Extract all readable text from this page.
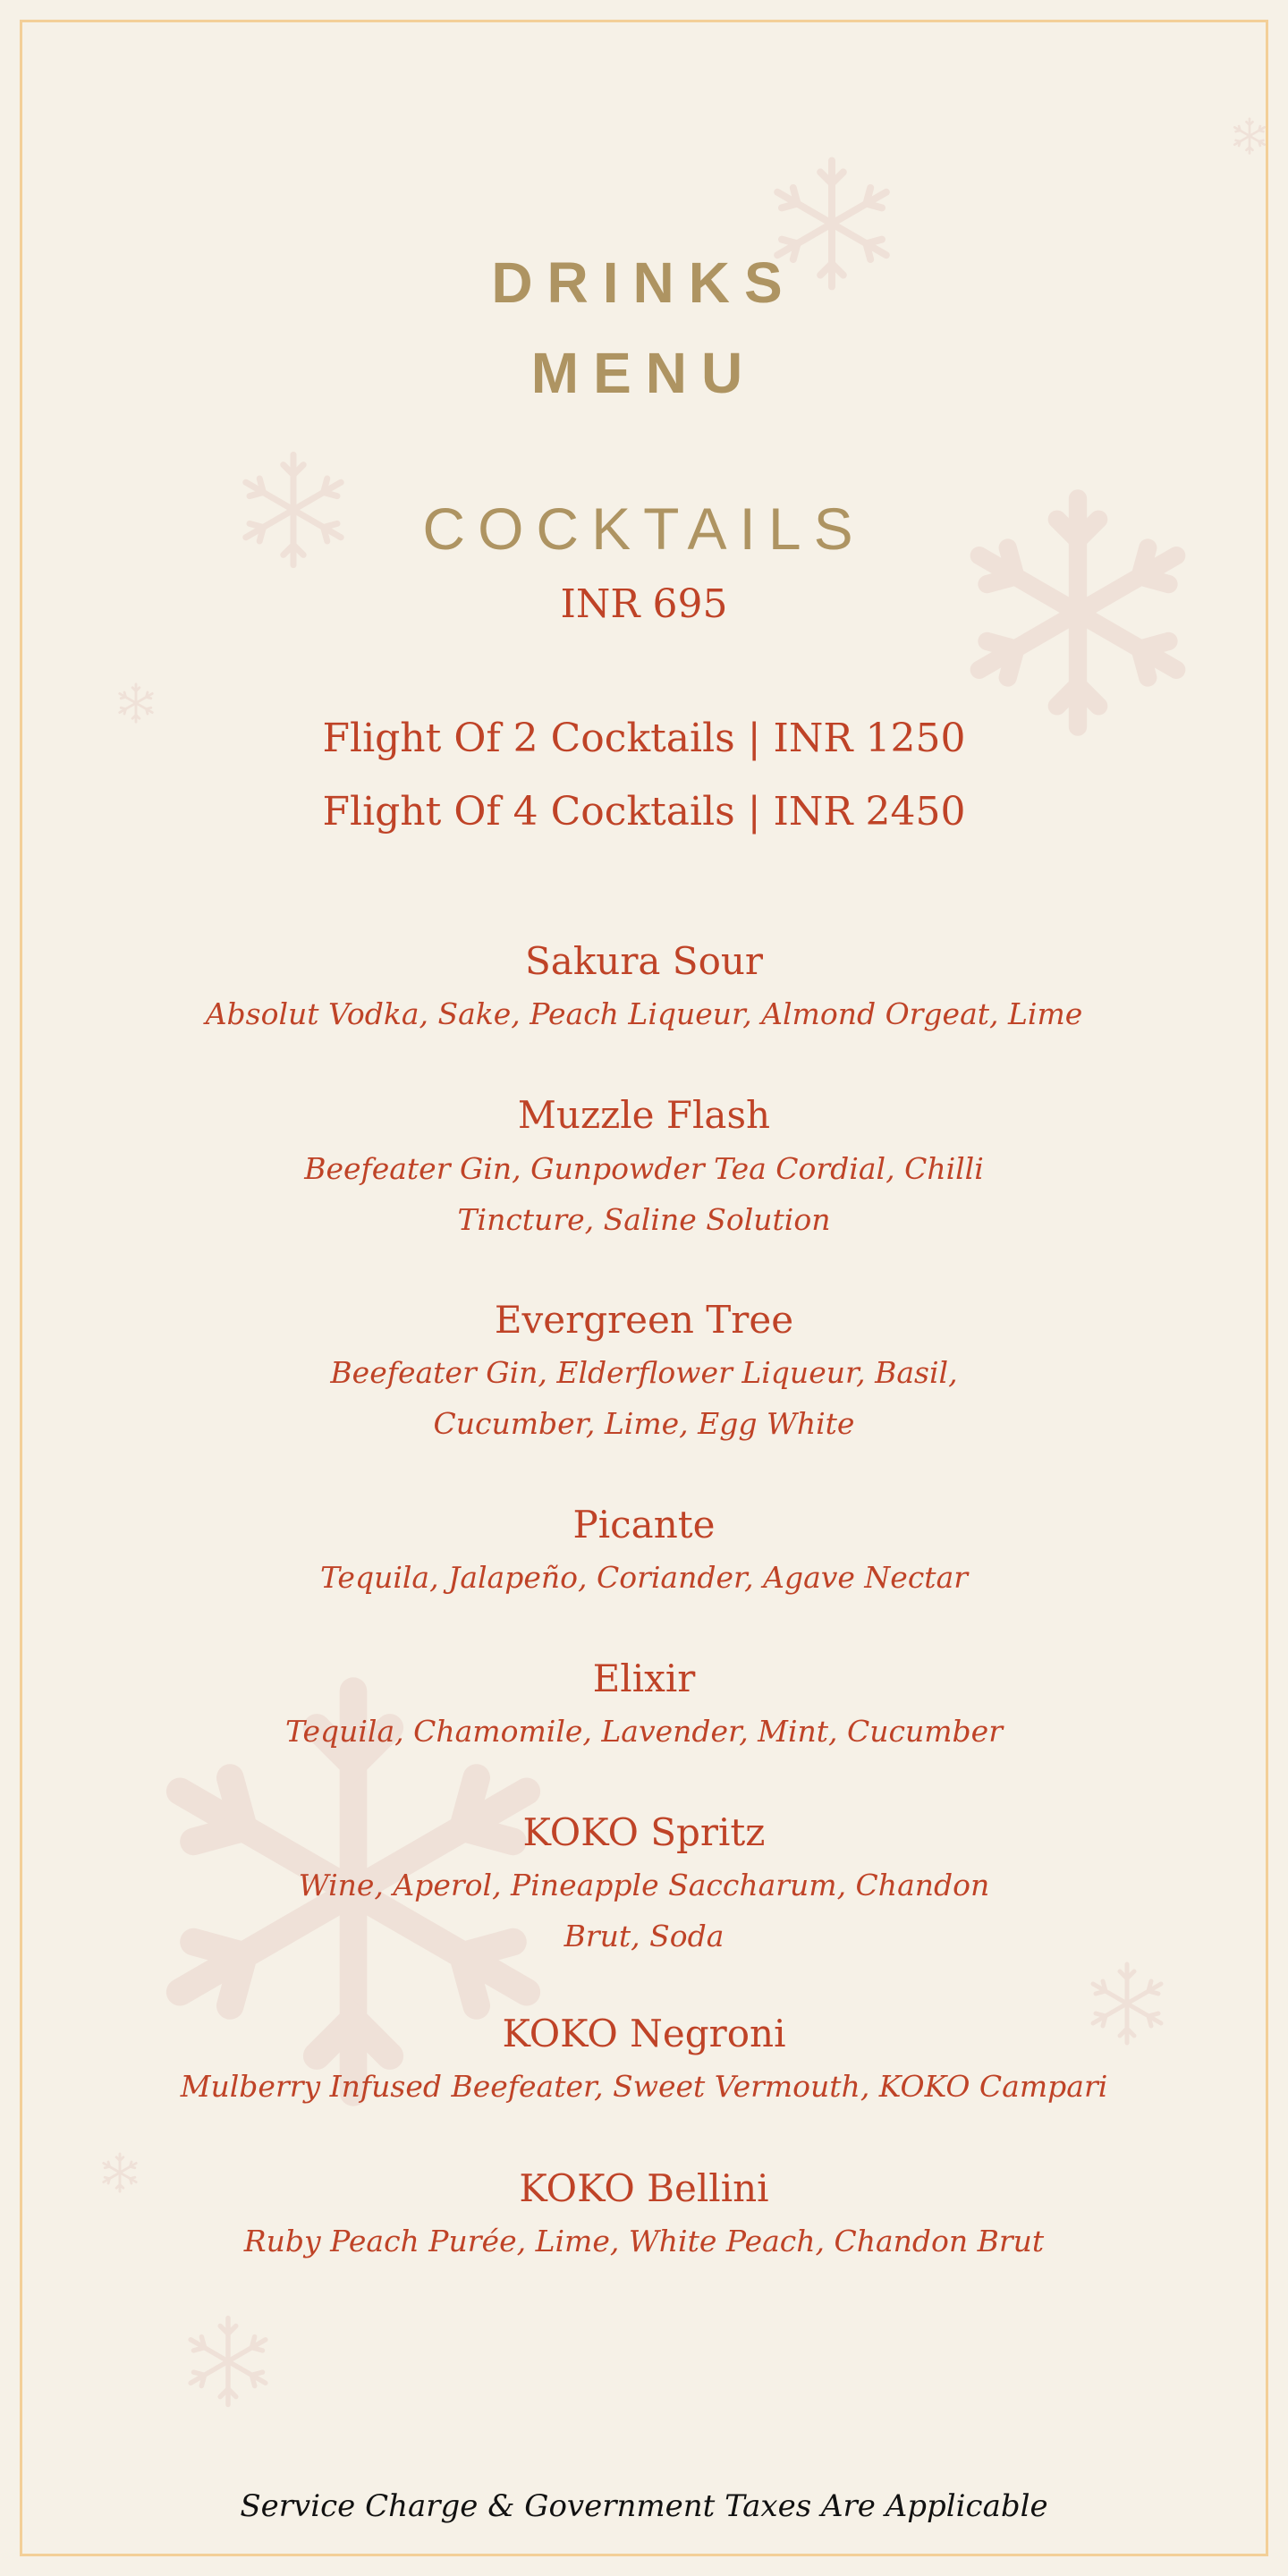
DRINKS
MENU
COCKTAILS
INR 695
Flight Of 2 Cocktails | INR 1250
Flight Of 4 Cocktails | INR 2450
Sakura Sour
Absolut Vodka, Sake, Peach Liqueur, Almond Orgeat, Lime
Muzzle Flash
Beefeater Gin, Gunpowder Tea Cordial, Chilli Tincture, Saline Solution
Evergreen Tree
Beefeater Gin, Elderflower Liqueur, Basil, Cucumber, Lime, Egg White
Picante
Tequila, Jalapeño, Coriander, Agave Nectar
Elixir
Tequila, Chamomile, Lavender, Mint, Cucumber
KOKO Spritz
Wine, Aperol, Pineapple Saccharum, Chandon Brut, Soda
KOKO Negroni
Mulberry Infused Beefeater, Sweet Vermouth, KOKO Campari
KOKO Bellini
Ruby Peach Purée, Lime, White Peach, Chandon Brut
Service Charge & Government Taxes Are Applicable
